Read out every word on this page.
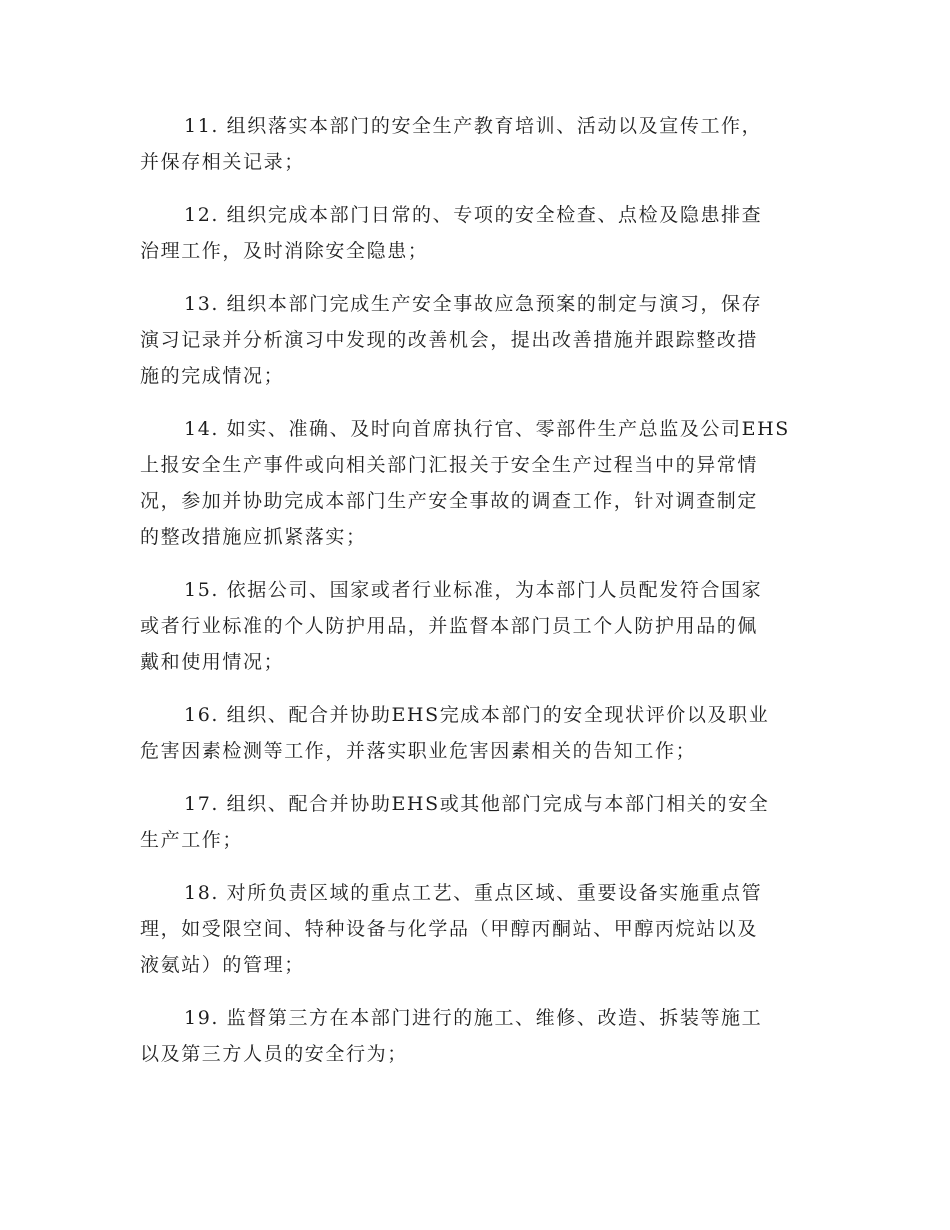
11. 组织落实本部门的安全生产教育培训、活动以及宣传工作，
并保存相关记录；
12. 组织完成本部门日常的、专项的安全检查、点检及隐患排查
治理工作，及时消除安全隐患；
13. 组织本部门完成生产安全事故应急预案的制定与演习，保存
演习记录并分析演习中发现的改善机会，提出改善措施并跟踪整改措
施的完成情况；
14. 如实、准确、及时向首席执行官、零部件生产总监及公司EHS
上报安全生产事件或向相关部门汇报关于安全生产过程当中的异常情
况，参加并协助完成本部门生产安全事故的调查工作，针对调查制定
的整改措施应抓紧落实；
15. 依据公司、国家或者行业标准，为本部门人员配发符合国家
或者行业标准的个人防护用品，并监督本部门员工个人防护用品的佩
戴和使用情况；
16. 组织、配合并协助EHS完成本部门的安全现状评价以及职业
危害因素检测等工作，并落实职业危害因素相关的告知工作；
17. 组织、配合并协助EHS或其他部门完成与本部门相关的安全
生产工作；
18. 对所负责区域的重点工艺、重点区域、重要设备实施重点管
理，如受限空间、特种设备与化学品（甲醇丙酮站、甲醇丙烷站以及
液氨站）的管理；
19. 监督第三方在本部门进行的施工、维修、改造、拆装等施工
以及第三方人员的安全行为；
